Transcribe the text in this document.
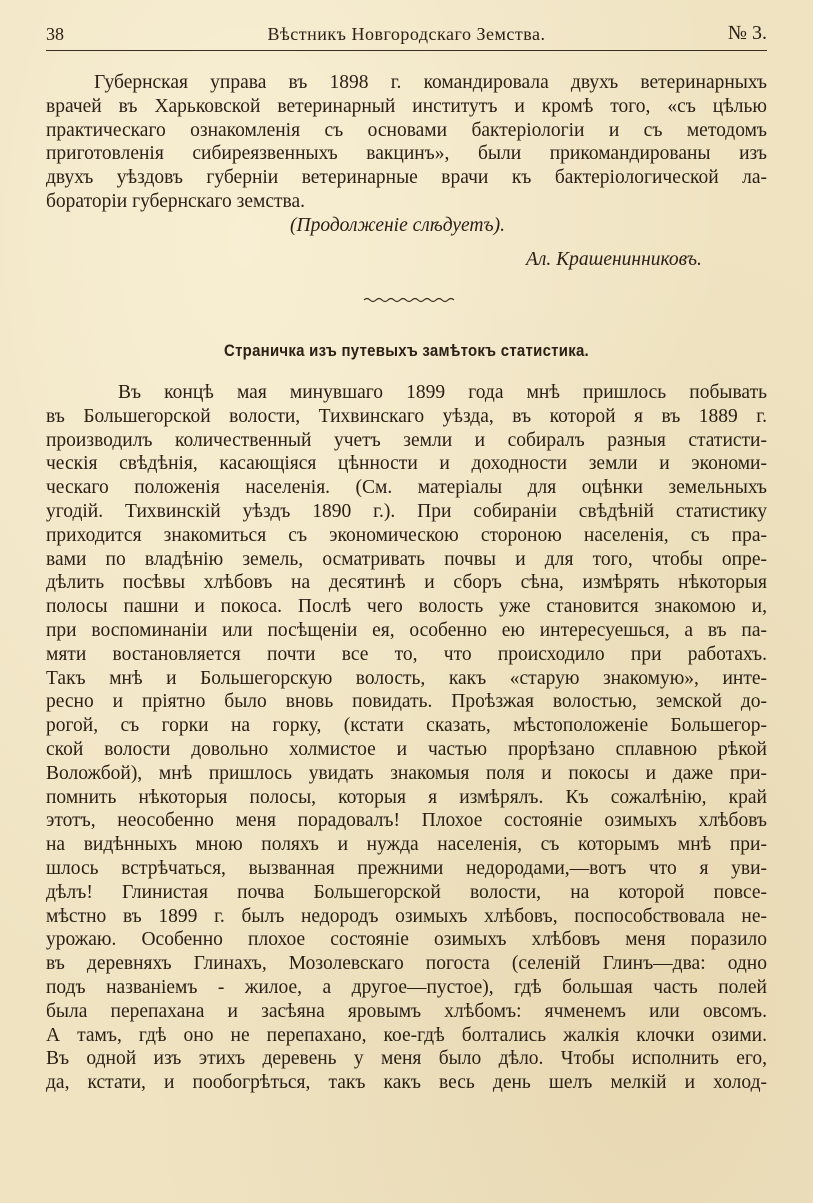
38	Вѣстникъ Новгородскаго Земства.	№ 3.
Губернская управа въ 1898 г. командировала двухъ ветеринарныхъ
врачей въ Харьковской ветеринарный институтъ и кромѣ того, «съ цѣлью
практическаго ознакомленія съ основами бактеріологіи и съ методомъ
приготовленія сибиреязвенныхъ вакцинъ», были прикомандированы изъ
двухъ уѣздовъ губерніи ветеринарные врачи къ бактеріологической ла-
бораторіи губернскаго земства.
(Продолженіе слѣдуетъ).
Ал. Крашенинниковъ.
Страничка изъ путевыхъ замѣтокъ статистика.
Въ концѣ мая минувшаго 1899 года мнѣ пришлось побывать
въ Большегорской волости, Тихвинскаго уѣзда, въ которой я въ 1889 г.
производилъ количественный учетъ земли и собиралъ разныя статисти-
ческія свѣдѣнія, касающіяся цѣнности и доходности земли и экономи-
ческаго положенія населенія. (См. матеріалы для оцѣнки земельныхъ
угодій. Тихвинскій уѣздъ 1890 г.). При собираніи свѣдѣній статистику
приходится знакомиться съ экономическою стороною населенія, съ пра-
вами по владѣнію земель, осматривать почвы и для того, чтобы опре-
дѣлить посѣвы хлѣбовъ на десятинѣ и сборъ сѣна, измѣрять нѣкоторыя
полосы пашни и покоса. Послѣ чего волость уже становится знакомою и,
при воспоминаніи или посѣщеніи ея, особенно ею интересуешься, а въ па-
мяти востановляется почти все то, что происходило при работахъ.
Такъ мнѣ и Большегорскую волость, какъ «старую знакомую», инте-
ресно и пріятно было вновь повидать. Проѣзжая волостью, земской до-
рогой, съ горки на горку, (кстати сказать, мѣстоположеніе Большегор-
ской волости довольно холмистое и частью прорѣзано сплавною рѣкой
Воложбой), мнѣ пришлось увидать знакомыя поля и покосы и даже при-
помнить нѣкоторыя полосы, которыя я измѣрялъ. Къ сожалѣнію, край
этотъ, неособенно меня порадовалъ! Плохое состояніе озимыхъ хлѣбовъ
на видѣнныхъ мною поляхъ и нужда населенія, съ которымъ мнѣ при-
шлось встрѣчаться, вызванная прежними недородами,—вотъ что я уви-
дѣлъ! Глинистая почва Большегорской волости, на которой повсе-
мѣстно въ 1899 г. былъ недородъ озимыхъ хлѣбовъ, поспособствовала не-
урожаю. Особенно плохое состояніе озимыхъ хлѣбовъ меня поразило
въ деревняхъ Глинахъ, Мозолевскаго погоста (селеній Глинъ—два: одно
подъ названіемъ - жилое, а другое—пустое), гдѣ большая часть полей
была перепахана и засѣяна яровымъ хлѣбомъ: ячменемъ или овсомъ.
А тамъ, гдѣ оно не перепахано, кое-гдѣ болтались жалкія клочки озими.
Въ одной изъ этихъ деревень у меня было дѣло. Чтобы исполнить его,
да, кстати, и пообогрѣться, такъ какъ весь день шелъ мелкій и холод-
